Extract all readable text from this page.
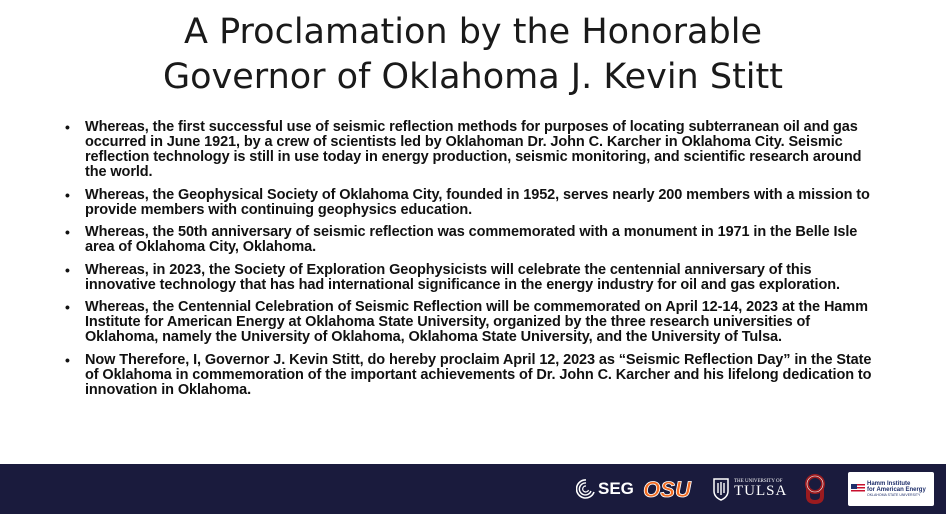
A Proclamation by the Honorable
Governor of Oklahoma J. Kevin Stitt
• Whereas, the first successful use of seismic reflection methods for purposes of locating subterranean oil and gas occurred in June 1921, by a crew of scientists led by Oklahoman Dr. John C. Karcher in Oklahoma City. Seismic reflection technology is still in use today in energy production, seismic monitoring, and scientific research around the world.
• Whereas, the Geophysical Society of Oklahoma City, founded in 1952, serves nearly 200 members with a mission to provide members with continuing geophysics education.
• Whereas, the 50th anniversary of seismic reflection was commemorated with a monument in 1971 in the Belle Isle area of Oklahoma City, Oklahoma.
• Whereas, in 2023, the Society of Exploration Geophysicists will celebrate the centennial anniversary of this innovative technology that has had international significance in the energy industry for oil and gas exploration.
• Whereas, the Centennial Celebration of Seismic Reflection will be commemorated on April 12-14, 2023 at the Hamm Institute for American Energy at Oklahoma State University, organized by the three research universities of Oklahoma, namely the University of Oklahoma, Oklahoma State University, and the University of Tulsa.
• Now Therefore, I, Governor J. Kevin Stitt, do hereby proclaim April 12, 2023 as “Seismic Reflection Day” in the State of Oklahoma in commemoration of the important achievements of Dr. John C. Karcher and his lifelong dedication to innovation in Oklahoma.
SEG OSU	THE UNIVERSITY OF
TULSA	Hamm Institute
for American Energy
OKLAHOMA STATE UNIVERSITY
